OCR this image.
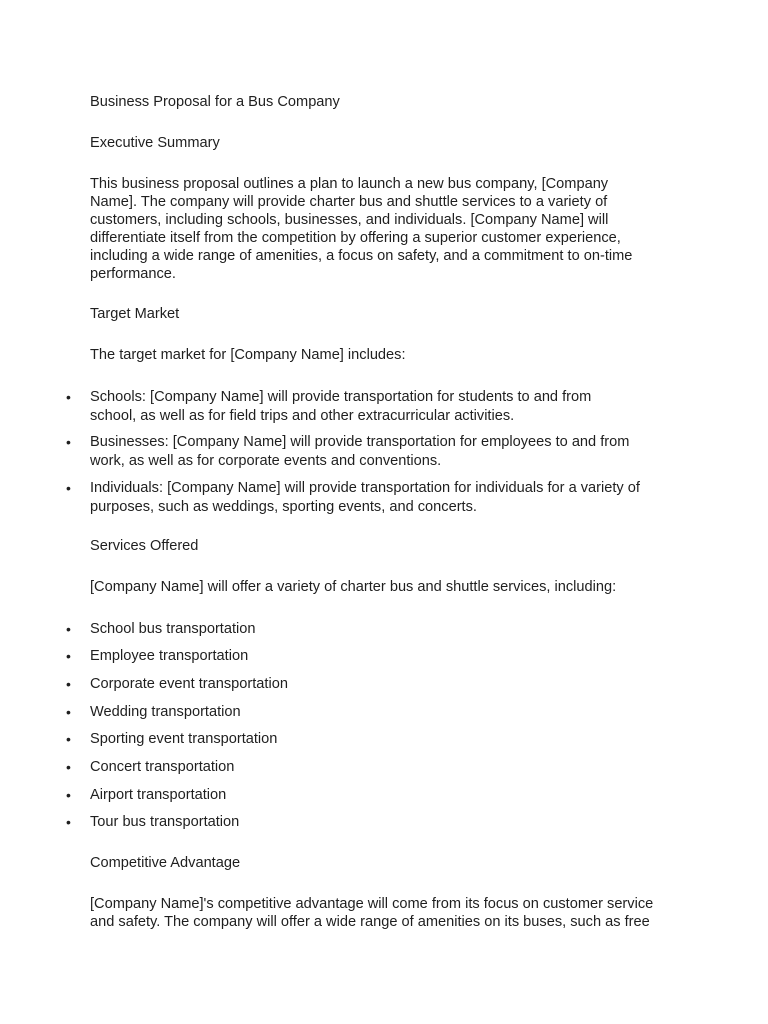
Business Proposal for a Bus Company

Executive Summary

This business proposal outlines a plan to launch a new bus company, [Company Name]. The company will provide charter bus and shuttle services to a variety of customers, including schools, businesses, and individuals. [Company Name] will differentiate itself from the competition by offering a superior customer experience, including a wide range of amenities, a focus on safety, and a commitment to on-time performance.

Target Market

The target market for [Company Name] includes:

• Schools: [Company Name] will provide transportation for students to and from school, as well as for field trips and other extracurricular activities.
• Businesses: [Company Name] will provide transportation for employees to and from work, as well as for corporate events and conventions.
• Individuals: [Company Name] will provide transportation for individuals for a variety of purposes, such as weddings, sporting events, and concerts.

Services Offered

[Company Name] will offer a variety of charter bus and shuttle services, including:

• School bus transportation
• Employee transportation
• Corporate event transportation
• Wedding transportation
• Sporting event transportation
• Concert transportation
• Airport transportation
• Tour bus transportation

Competitive Advantage

[Company Name]'s competitive advantage will come from its focus on customer service and safety. The company will offer a wide range of amenities on its buses, such as free
